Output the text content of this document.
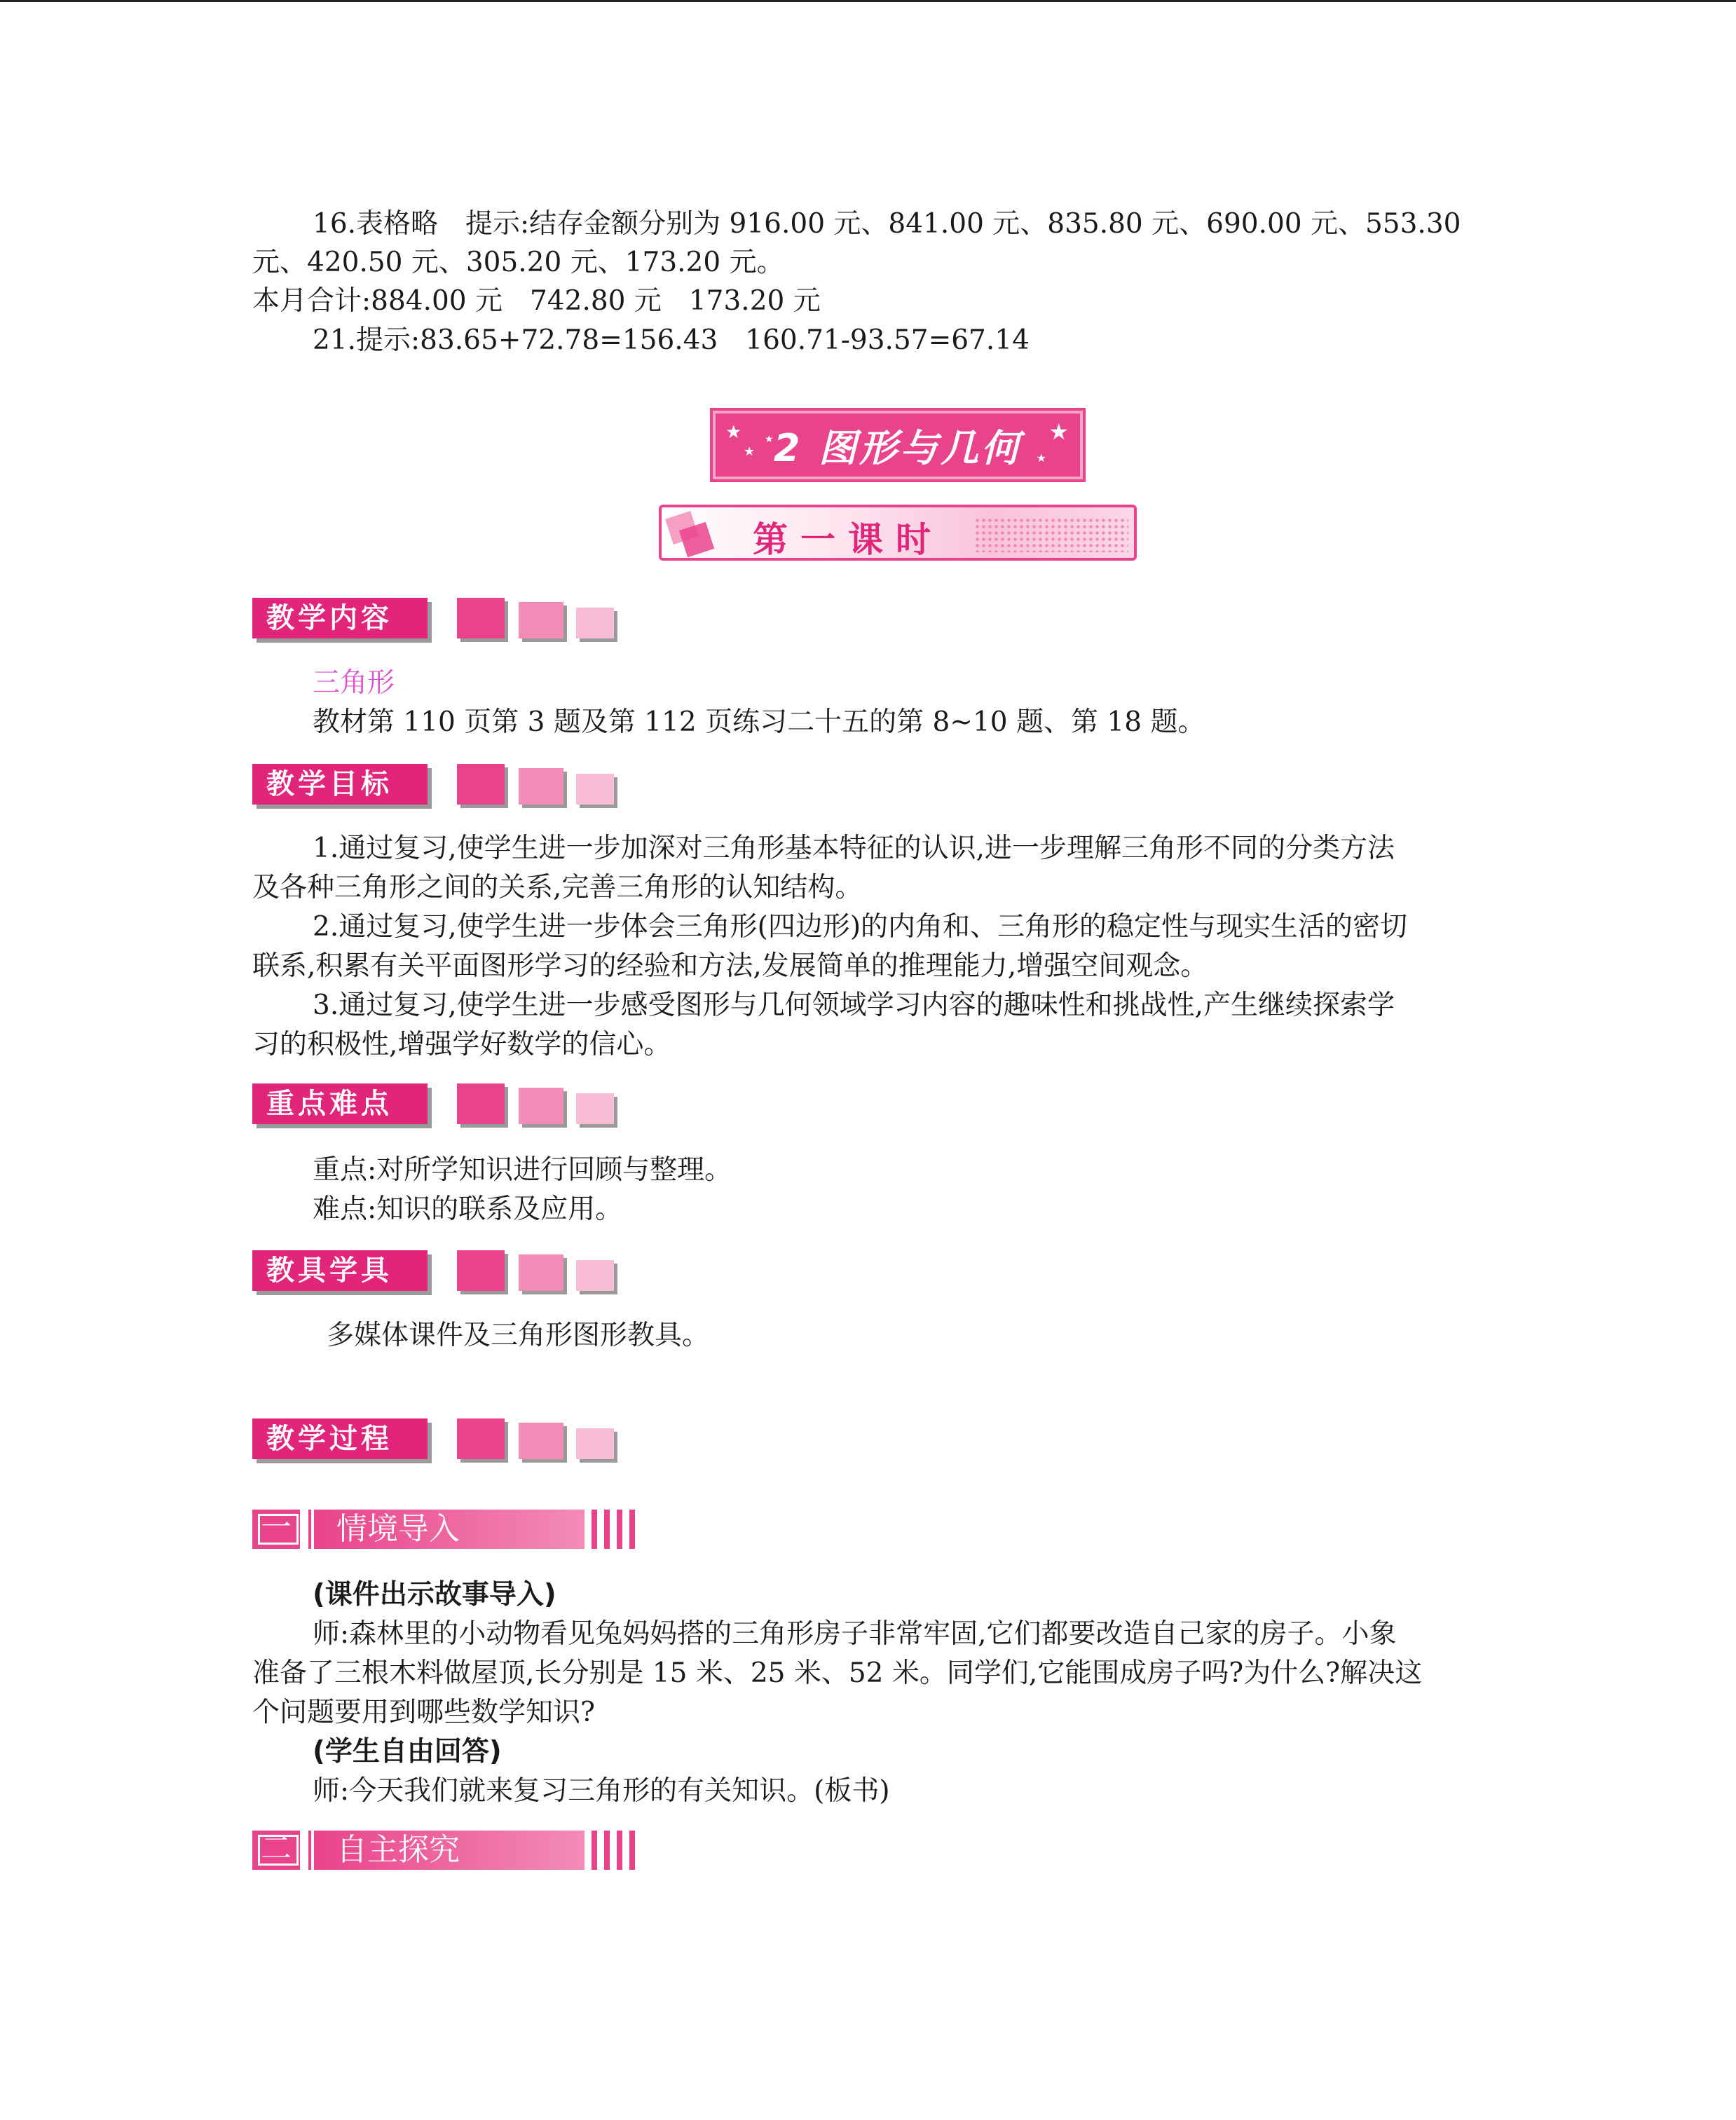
16.表格略　提示:结存金额分别为 916.00 元、841.00 元、835.80 元、690.00 元、553.30
元、420.50 元、305.20 元、173.20 元。
本月合计:884.00 元　742.80 元　173.20 元
21.提示:83.65+72.78=156.43　160.71-93.57=67.14
★
★
★ 2 图形与几何 ★
★
第一课时
教学内容
三角形
教材第 110 页第 3 题及第 112 页练习二十五的第 8~10 题、第 18 题。
教学目标
1.通过复习,使学生进一步加深对三角形基本特征的认识,进一步理解三角形不同的分类方法
及各种三角形之间的关系,完善三角形的认知结构。
2.通过复习,使学生进一步体会三角形(四边形)的内角和、三角形的稳定性与现实生活的密切
联系,积累有关平面图形学习的经验和方法,发展简单的推理能力,增强空间观念。
3.通过复习,使学生进一步感受图形与几何领域学习内容的趣味性和挑战性,产生继续探索学
习的积极性,增强学好数学的信心。
重点难点
重点:对所学知识进行回顾与整理。
难点:知识的联系及应用。
教具学具
多媒体课件及三角形图形教具。
教学过程
一	情境导入
(课件出示故事导入)
师:森林里的小动物看见兔妈妈搭的三角形房子非常牢固,它们都要改造自己家的房子。小象
准备了三根木料做屋顶,长分别是 15 米、25 米、52 米。同学们,它能围成房子吗?为什么?解决这
个问题要用到哪些数学知识?
(学生自由回答)
师:今天我们就来复习三角形的有关知识。(板书)
二	自主探究
